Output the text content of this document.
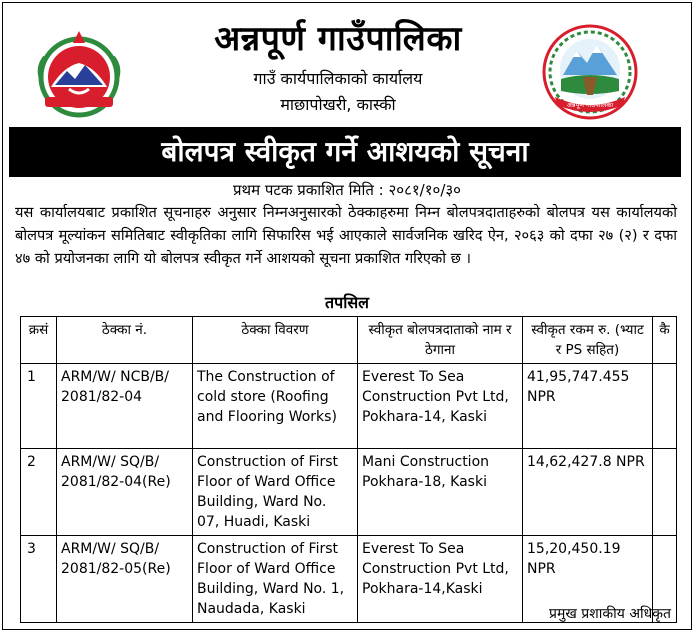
अन्नपूर्ण गाउँपालिका
गाउँ कार्यपालिकाको कार्यालय
माछापोखरी, कास्की	अन्नपूर्ण गाउँपालिका
बोलपत्र स्वीकृत गर्ने आशयको सूचना
प्रथम पटक प्रकाशित मिति : २०८१/१०/३०
यस कार्यालयबाट प्रकाशित सूचनाहरु अनुसार निम्नअनुसारको ठेक्काहरुमा निम्न बोलपत्रदाताहरुको बोलपत्र यस कार्यालयको बोलपत्र मूल्यांकन समितिबाट स्वीकृतिका लागि सिफारिस भई आएकाले सार्वजनिक खरिद ऐन, २०६३ को दफा २७ (२) र दफा ४७ को प्रयोजनका लागि यो बोलपत्र स्वीकृत गर्ने आशयको सूचना प्रकाशित गरिएको छ ।
तपसिल
क्रसं	ठेक्का नं.	ठेक्का विवरण	स्वीकृत बोलपत्रदाताको नाम र ठेगाना	स्वीकृत रकम रु. (भ्याट र PS सहित)	कै
1	ARM/W/ NCB/B/ 2081/82-04	The Construction of cold store (Roofing and Flooring Works)	Everest To Sea Construction Pvt Ltd, Pokhara-14, Kaski	41,95,747.455 NPR	
2	ARM/W/ SQ/B/ 2081/82-04(Re)	Construction of First Floor of Ward Office Building, Ward No. 07, Huadi, Kaski	Mani Construction Pokhara-18, Kaski	14,62,427.8 NPR	
3	ARM/W/ SQ/B/ 2081/82-05(Re)	Construction of First Floor of Ward Office Building, Ward No. 1, Naudada, Kaski	Everest To Sea Construction Pvt Ltd, Pokhara-14,Kaski	15,20,450.19 NPR	
प्रमुख प्रशाकीय अधिकृत
